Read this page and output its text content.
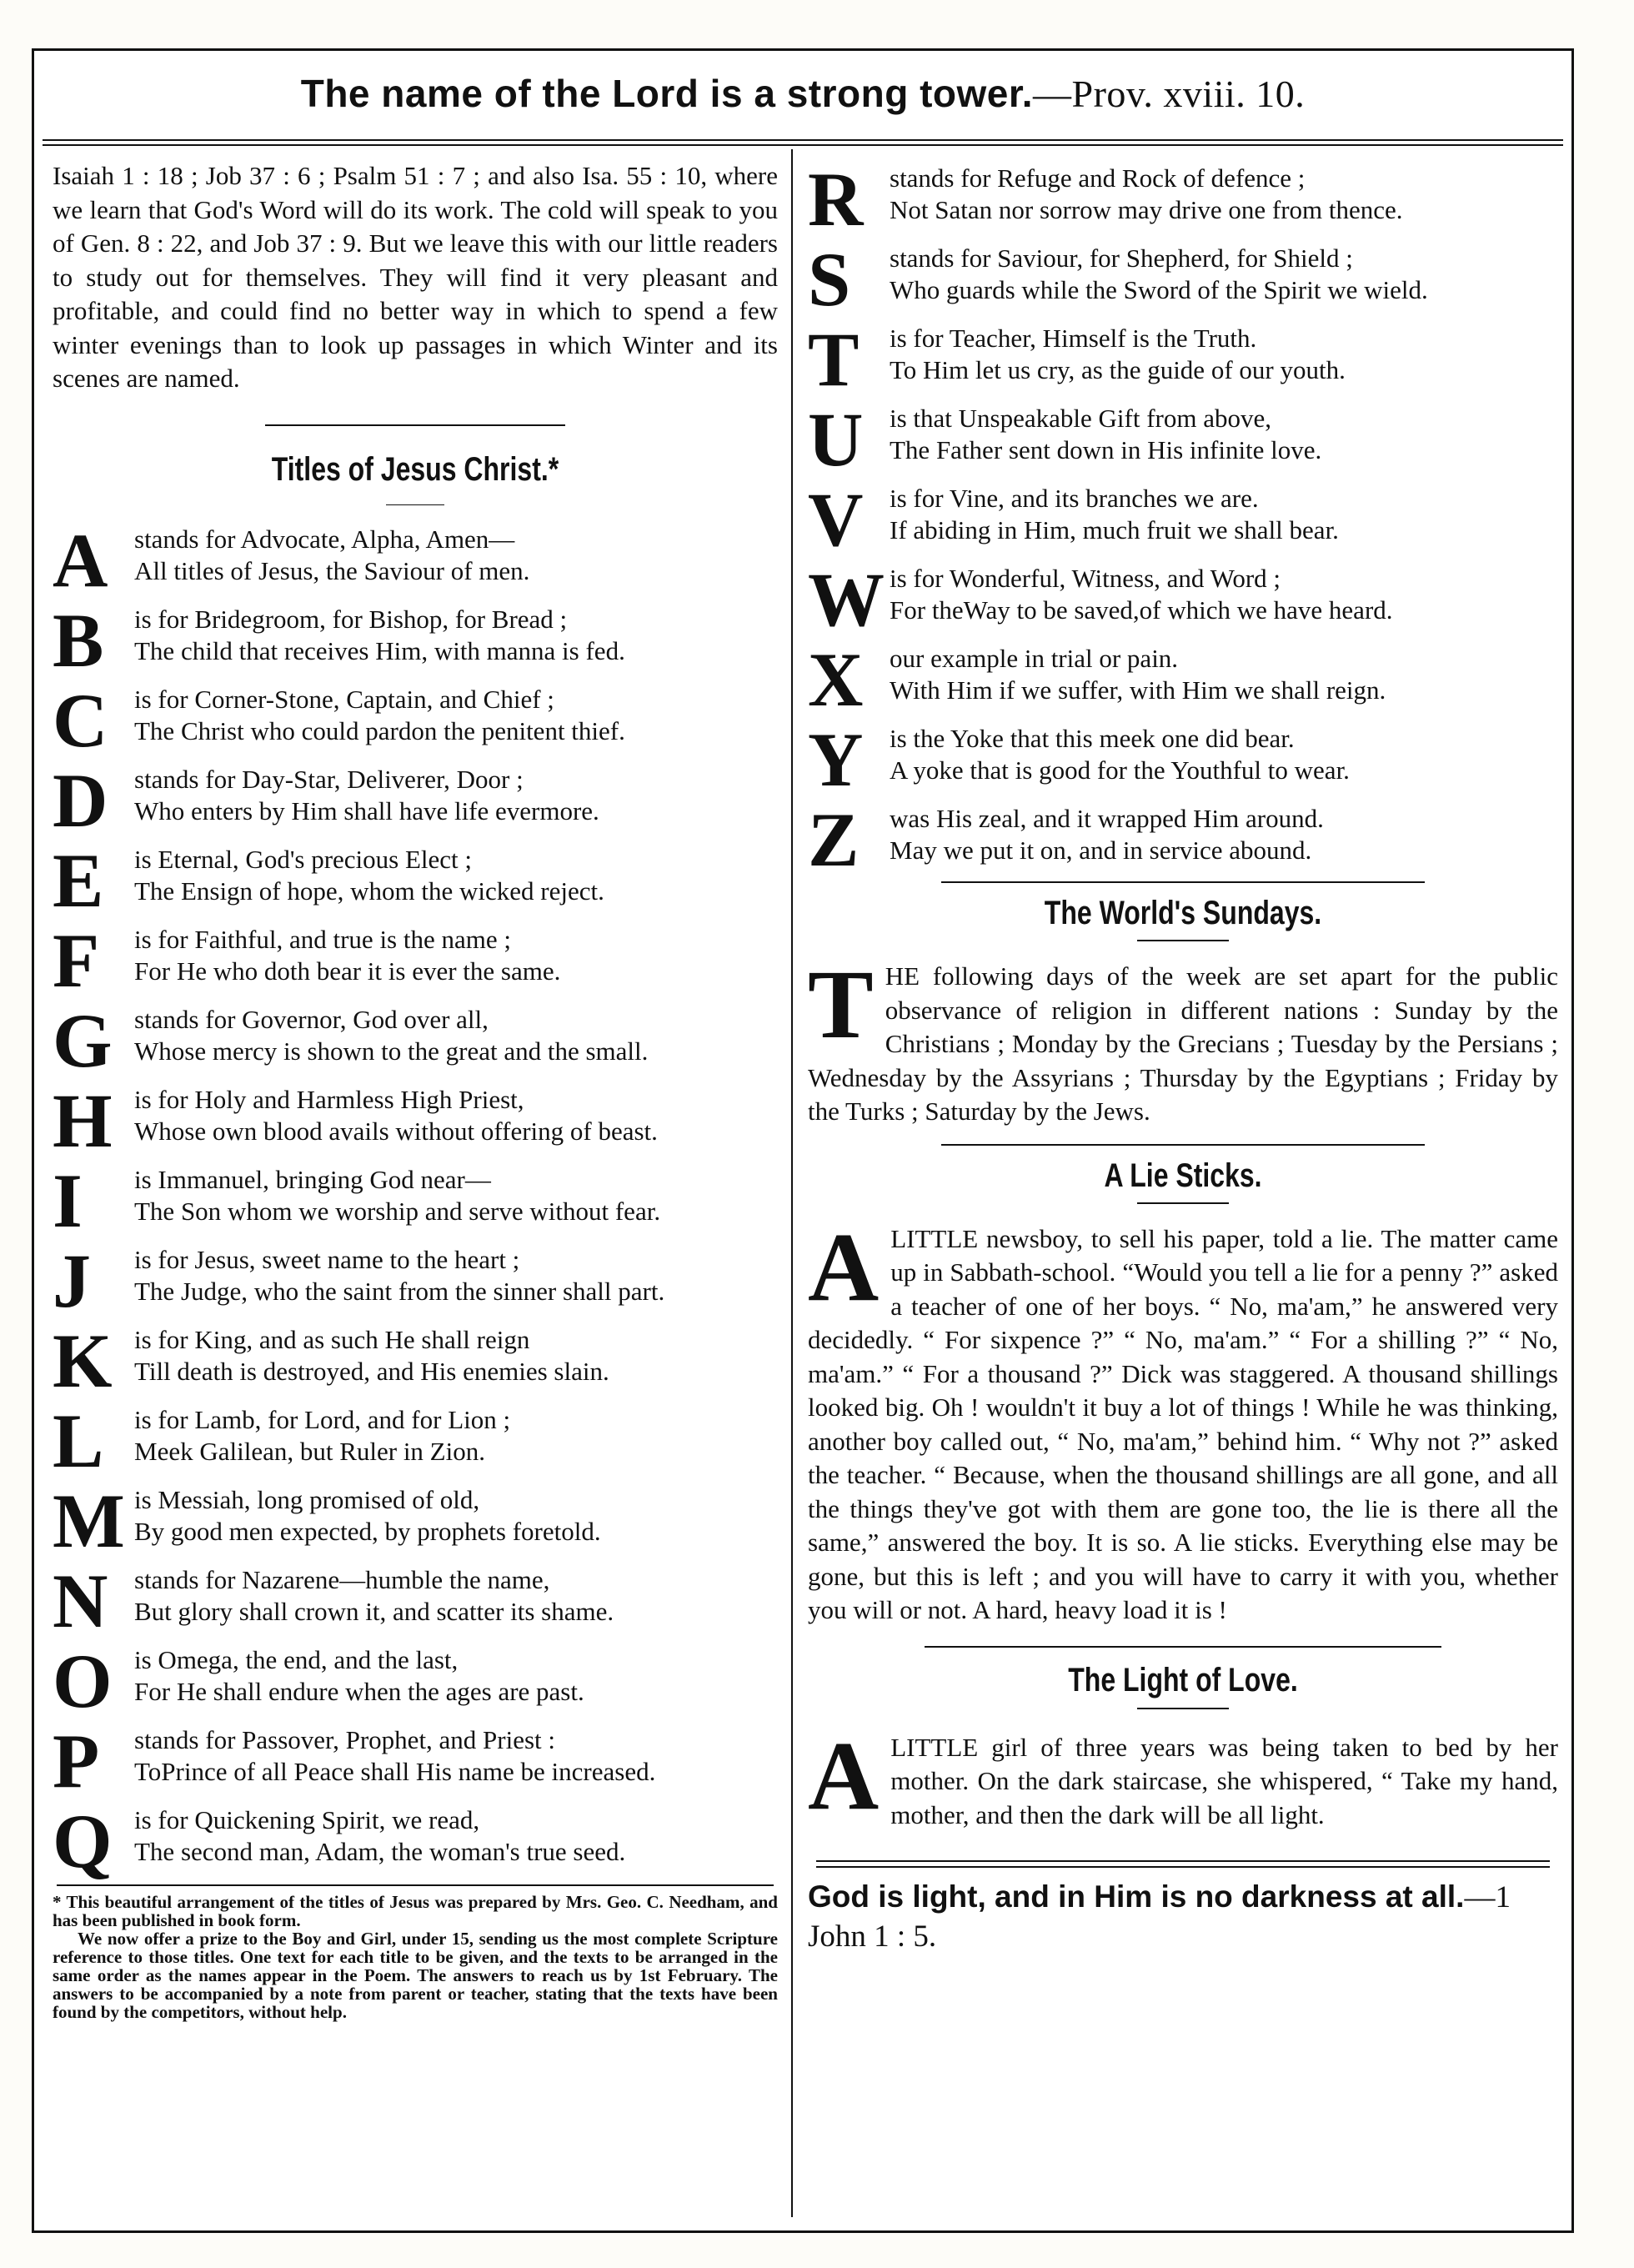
The name of the Lord is a strong tower.—Prov. xviii. 10.

Isaiah 1 : 18 ; Job 37 : 6 ; Psalm 51 : 7 ; and also Isa. 55 : 10, where we learn that God's Word will do its work. The cold will speak to you of Gen. 8 : 22, and Job 37 : 9. But we leave this with our little readers to study out for themselves. They will find it very pleasant and profitable, and could find no better way in which to spend a few winter evenings than to look up passages in which Winter and its scenes are named.

Titles of Jesus Christ.*
A stands for Advocate, Alpha, Amen—
All titles of Jesus, the Saviour of men.
B is for Bridegroom, for Bishop, for Bread ;
The child that receives Him, with manna is fed.
C is for Corner-Stone, Captain, and Chief ;
The Christ who could pardon the penitent thief.
D stands for Day-Star, Deliverer, Door ;
Who enters by Him shall have life evermore.
E is Eternal, God's precious Elect ;
The Ensign of hope, whom the wicked reject.
F is for Faithful, and true is the name ;
For He who doth bear it is ever the same.
G stands for Governor, God over all,
Whose mercy is shown to the great and the small.
H is for Holy and Harmless High Priest,
Whose own blood avails without offering of beast.
I is Immanuel, bringing God near—
The Son whom we worship and serve without fear.
J is for Jesus, sweet name to the heart ;
The Judge, who the saint from the sinner shall part.
K is for King, and as such He shall reign
Till death is destroyed, and His enemies slain.
L is for Lamb, for Lord, and for Lion ;
Meek Galilean, but Ruler in Zion.
M is Messiah, long promised of old,
By good men expected, by prophets foretold.
N stands for Nazarene—humble the name,
But glory shall crown it, and scatter its shame.
O is Omega, the end, and the last,
For He shall endure when the ages are past.
P stands for Passover, Prophet, and Priest :
ToPrince of all Peace shall His name be increased.
Q is for Quickening Spirit, we read,
The second man, Adam, the woman's true seed.

* This beautiful arrangement of the titles of Jesus was prepared by Mrs. Geo. C. Needham, and has been published in book form.

We now offer a prize to the Boy and Girl, under 15, sending us the most complete Scripture reference to those titles. One text for each title to be given, and the texts to be arranged in the same order as the names appear in the Poem. The answers to reach us by 1st February. The answers to be accompanied by a note from parent or teacher, stating that the texts have been found by the competitors, without help.

R stands for Refuge and Rock of defence ;
Not Satan nor sorrow may drive one from thence.
S stands for Saviour, for Shepherd, for Shield ;
Who guards while the Sword of the Spirit we wield.
T is for Teacher, Himself is the Truth.
To Him let us cry, as the guide of our youth.
U is that Unspeakable Gift from above,
The Father sent down in His infinite love.
V is for Vine, and its branches we are.
If abiding in Him, much fruit we shall bear.
W is for Wonderful, Witness, and Word ;
For theWay to be saved,of which we have heard.
X our example in trial or pain.
With Him if we suffer, with Him we shall reign.
Y is the Yoke that this meek one did bear.
A yoke that is good for the Youthful to wear.
Z was His zeal, and it wrapped Him around.
May we put it on, and in service abound.
The World's Sundays.
THE following days of the week are set apart for the public observance of religion in different nations : Sunday by the Christians ; Monday by the Grecians ; Tuesday by the Persians ; Wednesday by the Assyrians ; Thursday by the Egyptians ; Friday by the Turks ; Saturday by the Jews.
A Lie Sticks.
ALITTLE newsboy, to sell his paper, told a lie. The matter came up in Sabbath-school. “Would you tell a lie for a penny ?” asked a teacher of one of her boys. “ No, ma'am,” he answered very decidedly. “ For sixpence ?” “ No, ma'am.” “ For a shilling ?” “ No, ma'am.” “ For a thousand ?” Dick was staggered. A thousand shillings looked big. Oh ! wouldn't it buy a lot of things ! While he was thinking, another boy called out, “ No, ma'am,” behind him. “ Why not ?” asked the teacher. “ Because, when the thousand shillings are all gone, and all the things they've got with them are gone too, the lie is there all the same,” answered the boy. It is so. A lie sticks. Everything else may be gone, but this is left ; and you will have to carry it with you, whether you will or not. A hard, heavy load it is !
The Light of Love.
ALITTLE girl of three years was being taken to bed by her mother. On the dark staircase, she whispered, “ Take my hand, mother, and then the dark will be all light.

God is light, and in Him is no darkness at all.—1 John 1 : 5.
